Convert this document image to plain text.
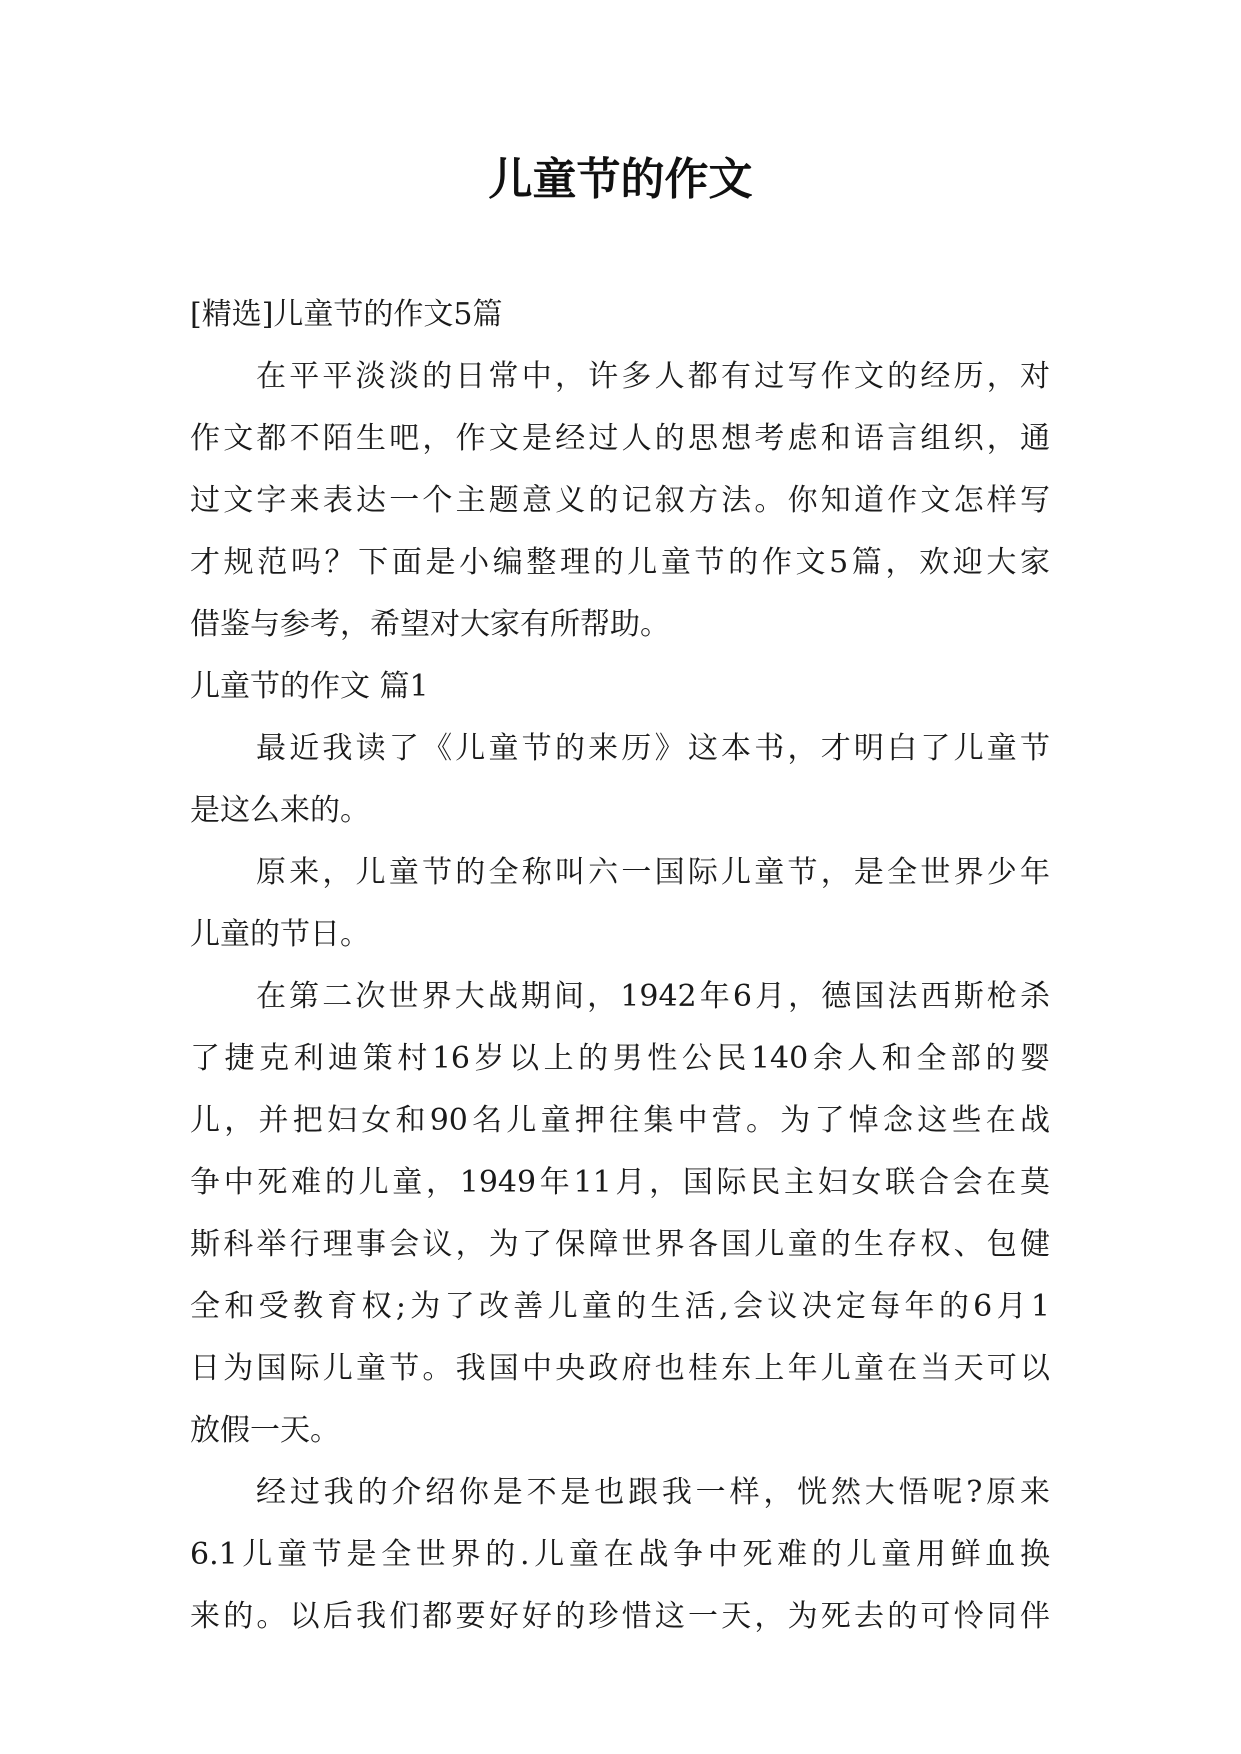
儿童节的作文
[精选]儿童节的作文5篇
在平平淡淡的日常中，许多人都有过写作文的经历，对
作文都不陌生吧，作文是经过人的思想考虑和语言组织，通
过文字来表达一个主题意义的记叙方法。你知道作文怎样写
才规范吗？下面是小编整理的儿童节的作文5篇，欢迎大家
借鉴与参考，希望对大家有所帮助。
儿童节的作文 篇1
最近我读了《儿童节的来历》这本书，才明白了儿童节
是这么来的。
原来，儿童节的全称叫六一国际儿童节，是全世界少年
儿童的节日。
在第二次世界大战期间，1942年6月，德国法西斯枪杀
了捷克利迪策村16岁以上的男性公民140余人和全部的婴
儿，并把妇女和90名儿童押往集中营。为了悼念这些在战
争中死难的儿童，1949年11月，国际民主妇女联合会在莫
斯科举行理事会议，为了保障世界各国儿童的生存权、包健
全和受教育权;为了改善儿童的生活,会议决定每年的6月1
日为国际儿童节。我国中央政府也桂东上年儿童在当天可以
放假一天。
经过我的介绍你是不是也跟我一样，恍然大悟呢?原来
6.1儿童节是全世界的.儿童在战争中死难的儿童用鲜血换
来的。以后我们都要好好的珍惜这一天，为死去的可怜同伴
